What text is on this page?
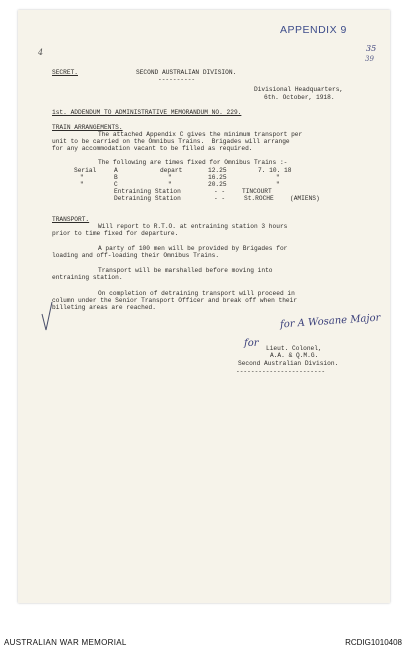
APPENDIX 9
35
39
4
SECRET.	SECOND AUSTRALIAN DIVISION.
----------
Divisional Headquarters,
6th. October, 1918.
1st. ADDENDUM TO ADMINISTRATIVE MEMORANDUM NO. 229.
TRAIN ARRANGEMENTS.
The attached Appendix C gives the minimum transport per
unit to be carried on the Omnibus Trains.  Brigades will arrange
for any accommodation vacant to be filled as required.
The following are times fixed for Omnibus Trains :-
Serial	A	depart	12.25	7. 10. 18
"	B	"	16.25	"
"	C	"	20.25	"
Entraining Station	- -	TINCOURT
Detraining Station	- -	St.ROCHE	(AMIENS)
TRANSPORT.
Will report to R.T.O. at entraining station 3 hours
prior to time fixed for departure.
A party of 100 men will be provided by Brigades for
loading and off-loading their Omnibus Trains.
Transport will be marshalled before moving into
entraining station.
On completion of detraining transport will proceed in
column under the Senior Transport Officer and break off when their
billeting areas are reached.
for A Wosane Major
for Lieut. Colonel,
A.A. & Q.M.G.
Second Australian Division.
------------------------
AUSTRALIAN WAR MEMORIAL	RCDIG1010408
